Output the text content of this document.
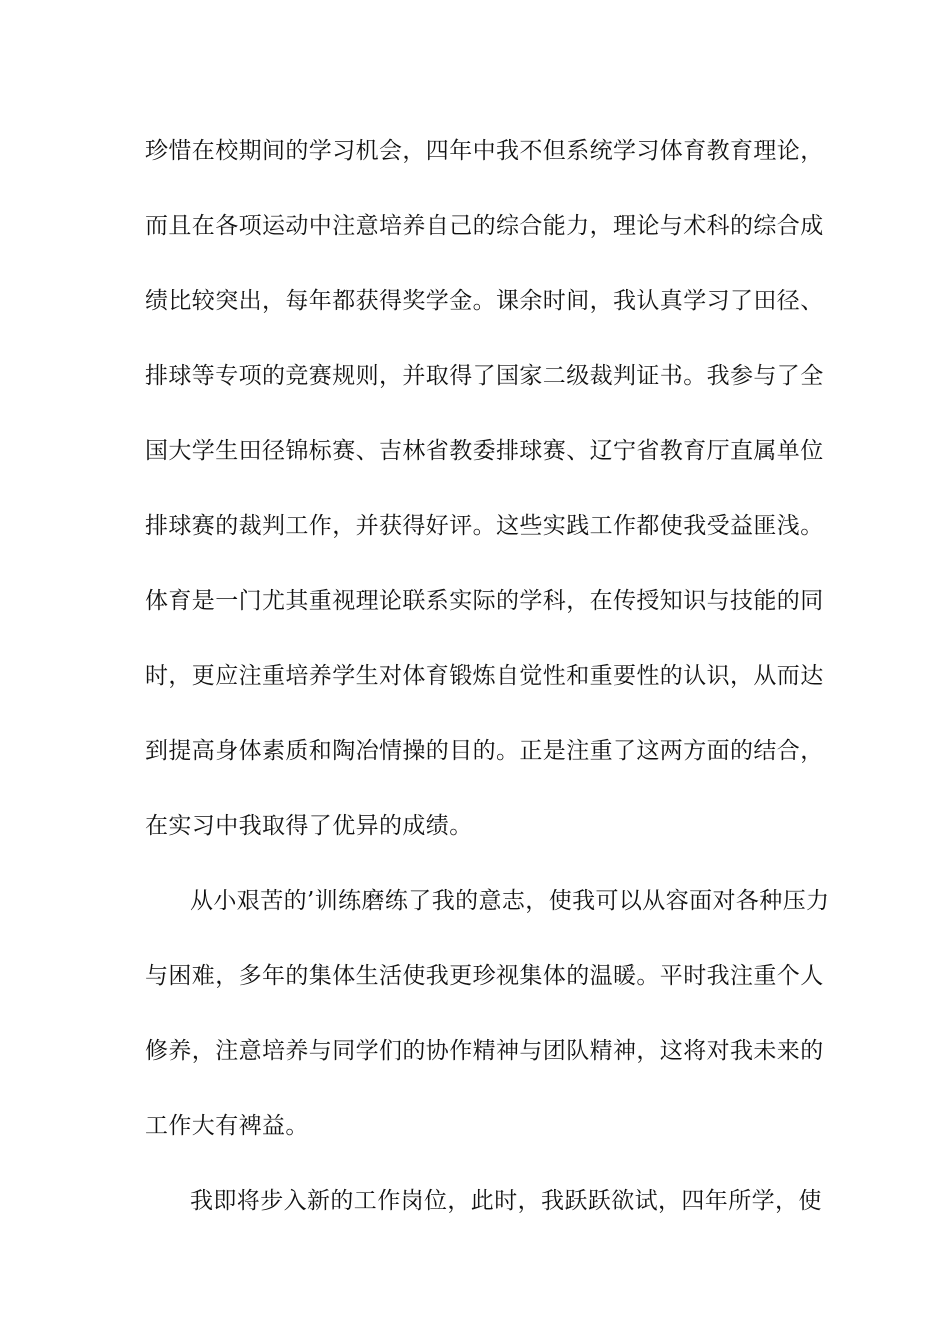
珍惜在校期间的学习机会，四年中我不但系统学习体育教育理论，
而且在各项运动中注意培养自己的综合能力，理论与术科的综合成
绩比较突出，每年都获得奖学金。课余时间，我认真学习了田径、
排球等专项的竞赛规则，并取得了国家二级裁判证书。我参与了全
国大学生田径锦标赛、吉林省教委排球赛、辽宁省教育厅直属单位
排球赛的裁判工作，并获得好评。这些实践工作都使我受益匪浅。
体育是一门尤其重视理论联系实际的学科，在传授知识与技能的同
时，更应注重培养学生对体育锻炼自觉性和重要性的认识，从而达
到提高身体素质和陶冶情操的目的。正是注重了这两方面的结合，
在实习中我取得了优异的成绩。
从小艰苦的’训练磨练了我的意志，使我可以从容面对各种压力
与困难，多年的集体生活使我更珍视集体的温暖。平时我注重个人
修养，注意培养与同学们的协作精神与团队精神，这将对我未来的
工作大有裨益。
我即将步入新的工作岗位，此时，我跃跃欲试，四年所学，使
